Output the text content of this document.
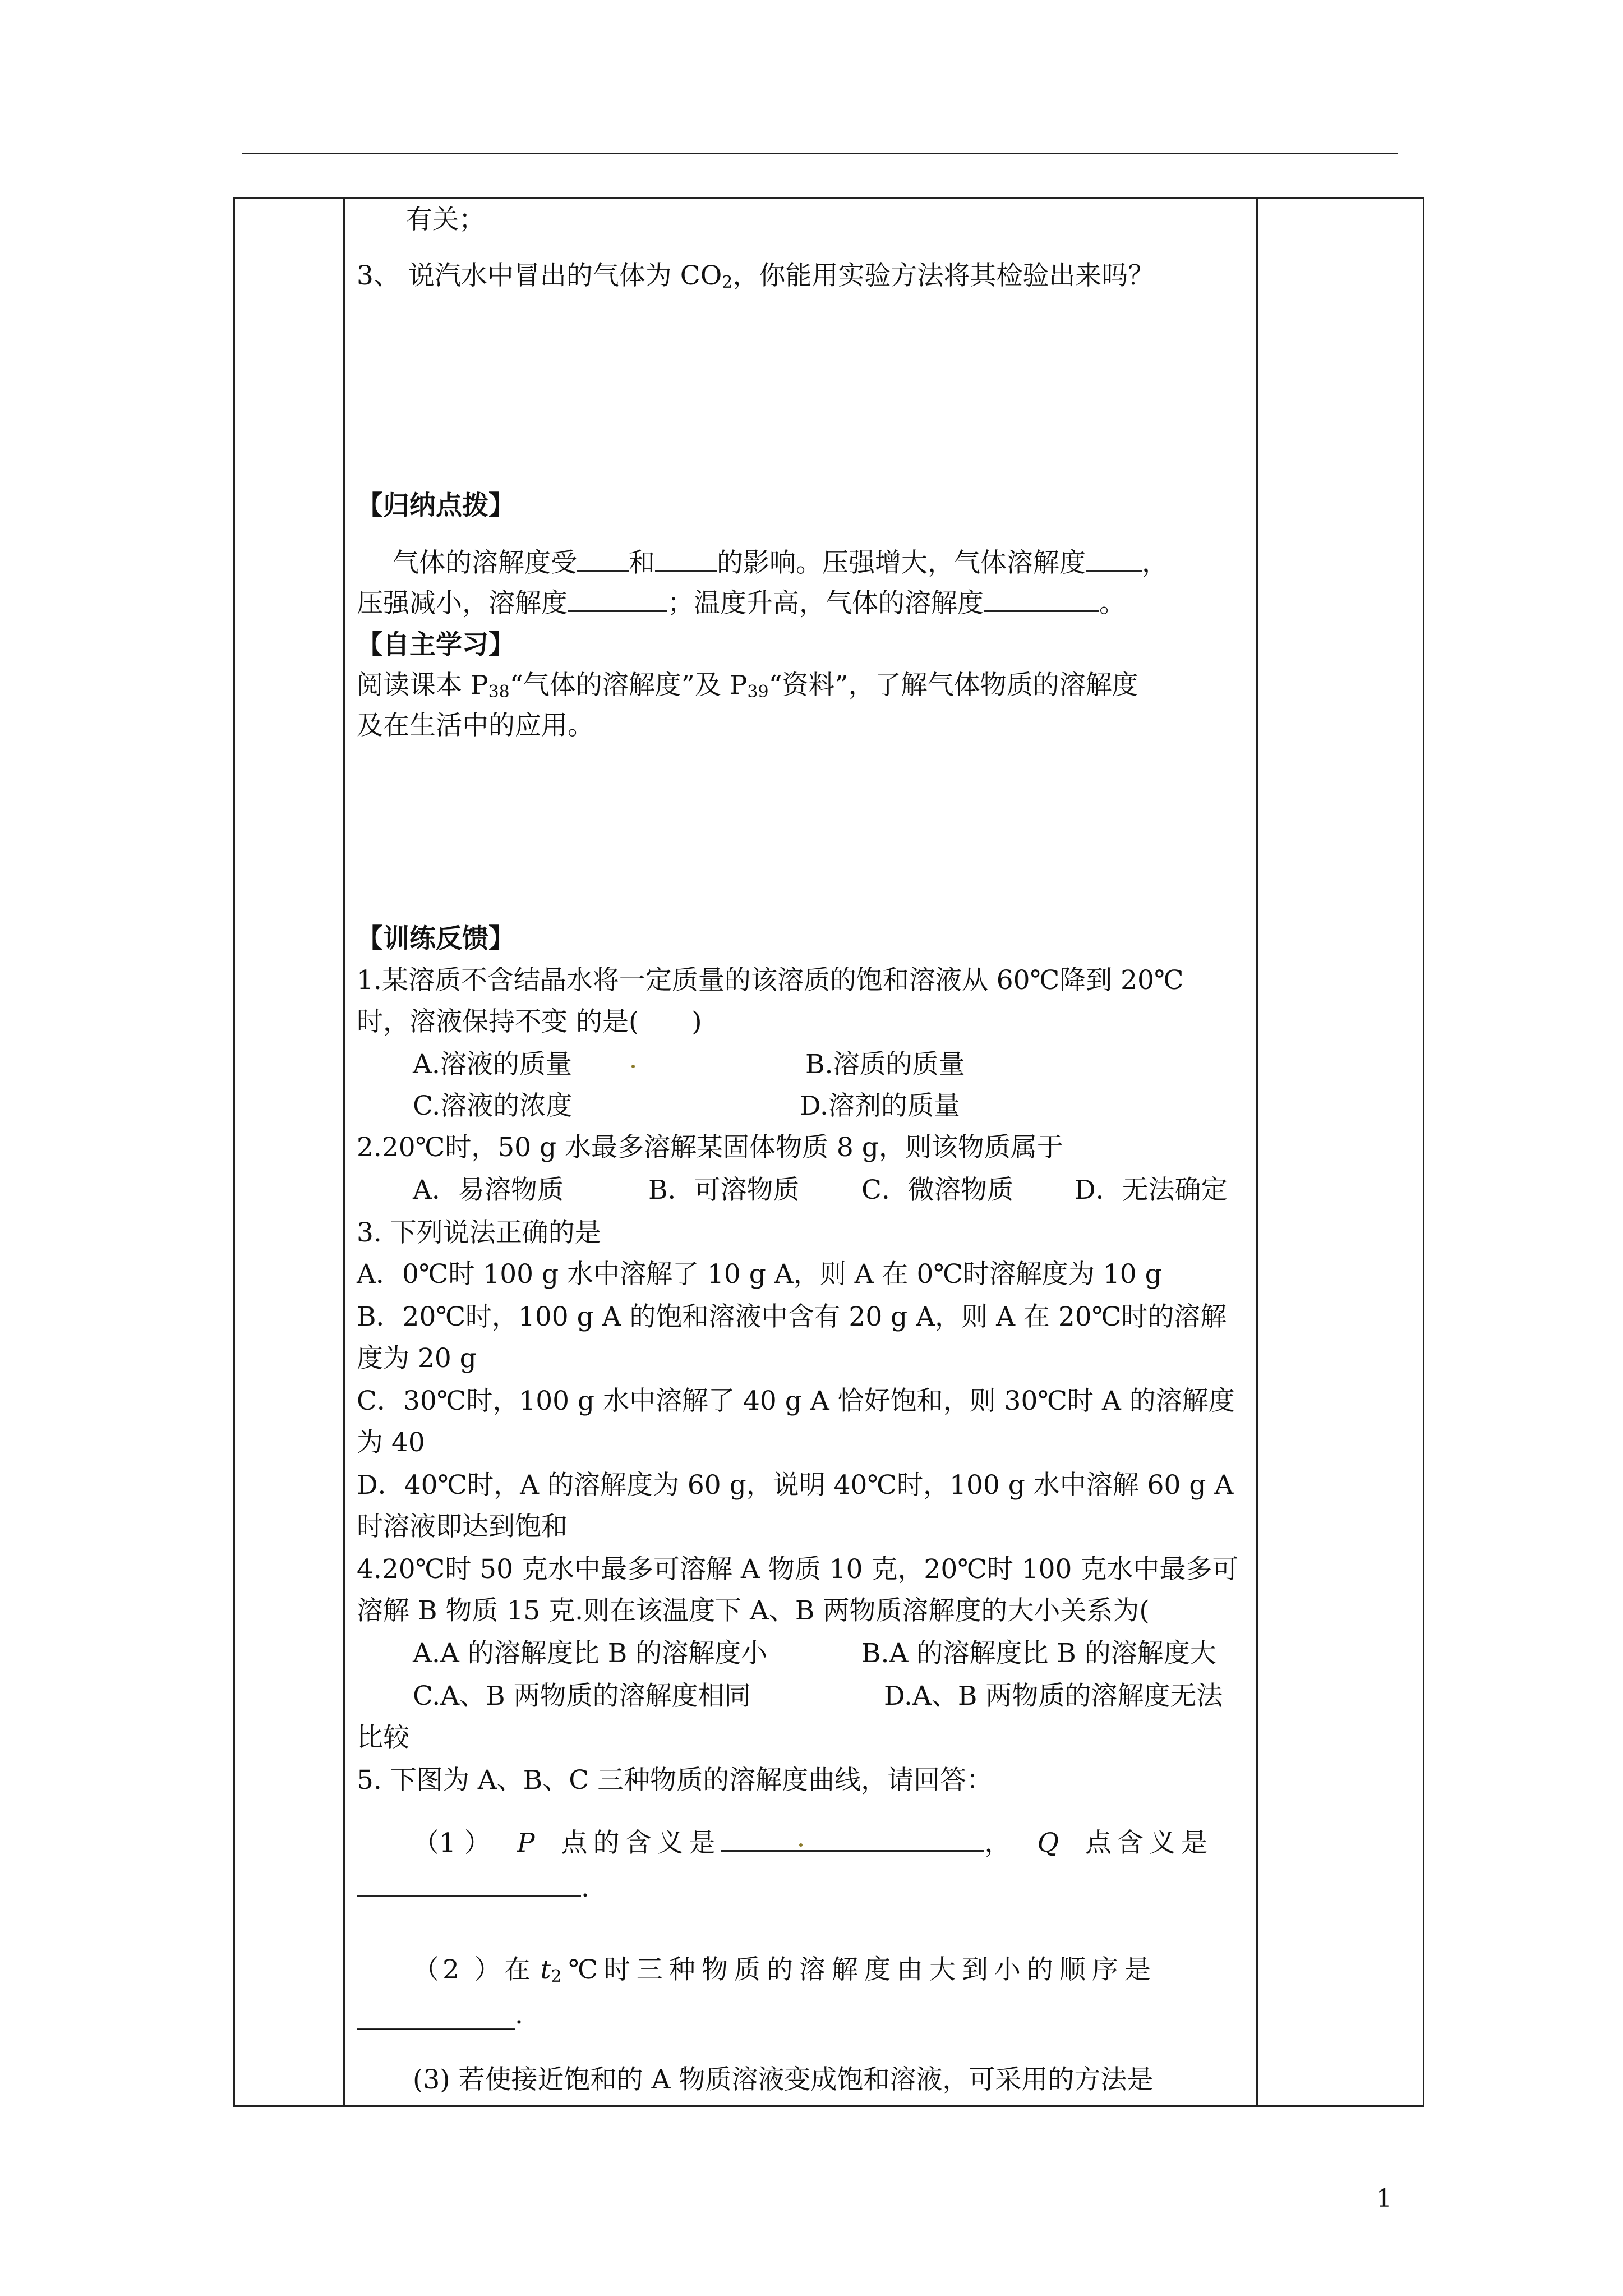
有关；
3、 说汽水中冒出的气体为 $CO_2$，你能用实验方法将其检验出来吗？
【归纳点拨】
气体的溶解度受 和 的影响。压强增大，气体溶解度 ，
压强减小，溶解度	；温度升高，气体的溶解度	。
【自主学习】
阅读课本 $P_{38}“$气体的溶解度”及 $P_{39}“$资料”，了解气体物质的溶解度
及在生活中的应用。
【训练反馈】
1.某溶质不含结晶水将一定质量的该溶质的饱和溶液从 60℃降到 20℃
时，溶液保持不变 的是(　　)
A.溶液的质量	B.溶质的质量
C.溶液的浓度	D.溶剂的质量
2.20℃时，50 g 水最多溶解某固体物质 8 g，则该物质属于
A．易溶物质	B．可溶物质 C．微溶物质 D．无法确定
3. 下列说法正确的是
A．0℃时 100 g 水中溶解了 10 g A，则 A 在 0℃时溶解度为 10 g
B．20℃时，100 g A 的饱和溶液中含有 20 g A，则 A 在 20℃时的溶解
度为 20 g
C．30℃时，100 g 水中溶解了 40 g A 恰好饱和，则 30℃时 A 的溶解度
为 40
D．40℃时，A 的溶解度为 60 g，说明 40℃时，100 g 水中溶解 60 g A
时溶液即达到饱和
4.20℃时 50 克水中最多可溶解 A 物质 10 克，20℃时 100 克水中最多可
溶解 B 物质 15 克.则在该温度下 A、B 两物质溶解度的大小关系为(
A.A 的溶解度比 B 的溶解度小	B.A 的溶解度比 B 的溶解度大
C.A、B 两物质的溶解度相同	D.A、B 两物质的溶解度无法
比较
5. 下图为 A、B、C 三种物质的溶解度曲线，请回答：
（1 ）  P  点的含义是	，  Q  点含义是
.
（2 ）在  $t_2$  ℃时三种物质的溶解度由大到小的顺序是
____________.
(3) 若使接近饱和的 A 物质溶液变成饱和溶液，可采用的方法是
1
